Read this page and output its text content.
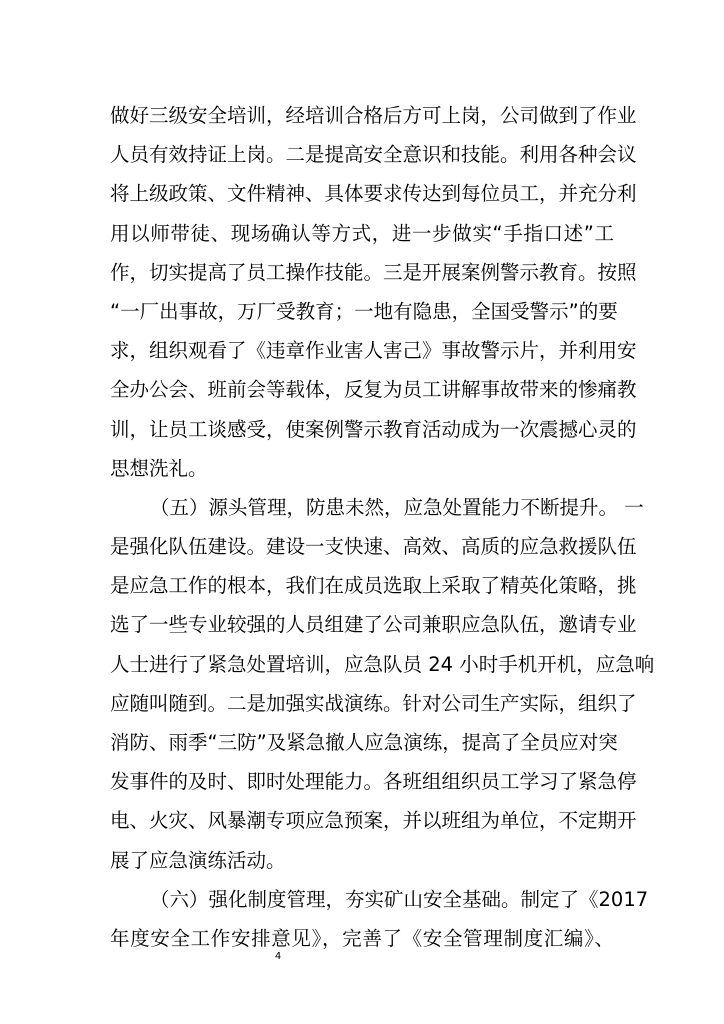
做好三级安全培训，经培训合格后方可上岗，公司做到了作业
人员有效持证上岗。二是提高安全意识和技能。利用各种会议
将上级政策、文件精神、具体要求传达到每位员工，并充分利
用以师带徒、现场确认等方式，进一步做实“手指口述”工
作，切实提高了员工操作技能。三是开展案例警示教育。按照
“一厂出事故，万厂受教育；一地有隐患，全国受警示”的要
求，组织观看了《违章作业害人害己》事故警示片，并利用安
全办公会、班前会等载体，反复为员工讲解事故带来的惨痛教
训，让员工谈感受，使案例警示教育活动成为一次震撼心灵的
思想洗礼。
（五）源头管理，防患未然，应急处置能力不断提升。 一
是强化队伍建设。建设一支快速、高效、高质的应急救援队伍
是应急工作的根本，我们在成员选取上采取了精英化策略，挑
选了一些专业较强的人员组建了公司兼职应急队伍，邀请专业
人士进行了紧急处置培训，应急队员 24 小时手机开机，应急响
应随叫随到。二是加强实战演练。针对公司生产实际，组织了
消防、雨季“三防”及紧急撤人应急演练，提高了全员应对突
发事件的及时、即时处理能力。各班组组织员工学习了紧急停
电、火灾、风暴潮专项应急预案，并以班组为单位，不定期开
展了应急演练活动。
（六）强化制度管理，夯实矿山安全基础。制定了《2017
年度安全工作安排意见》，完善了《安全管理制度汇编》、
4
